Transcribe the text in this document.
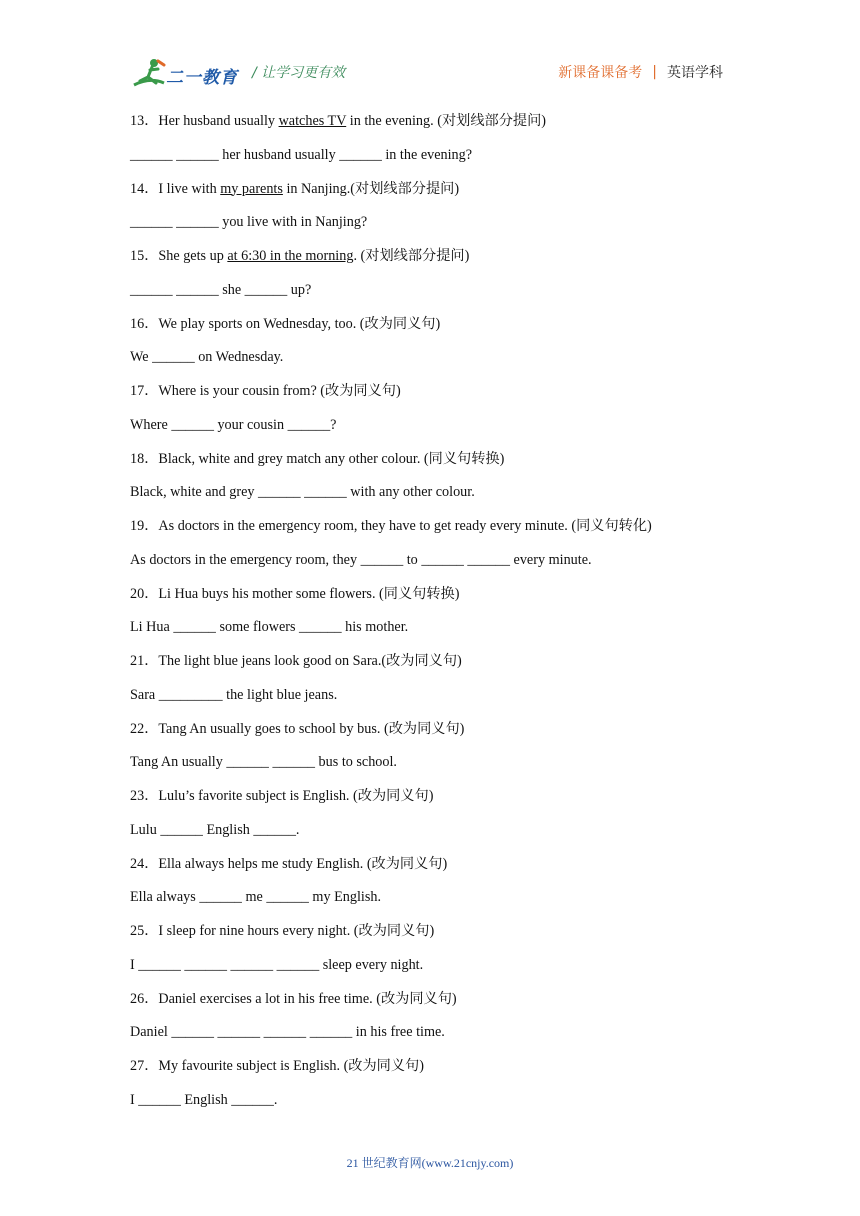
二一教育 / 让学习更有效	新课备课备考 | 英语学科
13．Her husband usually watches TV in the evening. (对划线部分提问)
______ ______ her husband usually ______ in the evening?
14．I live with my parents in Nanjing.(对划线部分提问)
______ ______ you live with in Nanjing?
15．She gets up at 6:30 in the morning. (对划线部分提问)
______ ______ she ______ up?
16．We play sports on Wednesday, too. (改为同义句)
We ______ on Wednesday.
17．Where is your cousin from? (改为同义句)
Where ______ your cousin ______?
18．Black, white and grey match any other colour. (同义句转换)
Black, white and grey ______ ______ with any other colour.
19．As doctors in the emergency room, they have to get ready every minute. (同义句转化)
As doctors in the emergency room, they ______ to ______ ______ every minute.
20．Li Hua buys his mother some flowers. (同义句转换)
Li Hua ______ some flowers ______ his mother.
21．The light blue jeans look good on Sara.(改为同义句)
Sara _________ the light blue jeans.
22．Tang An usually goes to school by bus. (改为同义句)
Tang An usually ______ ______ bus to school.
23．Lulu’s favorite subject is English. (改为同义句)
Lulu ______ English ______.
24．Ella always helps me study English. (改为同义句)
Ella always ______ me ______ my English.
25．I sleep for nine hours every night. (改为同义句)
I ______ ______ ______ ______ sleep every night.
26．Daniel exercises a lot in his free time. (改为同义句)
Daniel ______ ______ ______ ______ in his free time.
27．My favourite subject is English. (改为同义句)
I ______ English ______.
21 世纪教育网(www.21cnjy.com)
